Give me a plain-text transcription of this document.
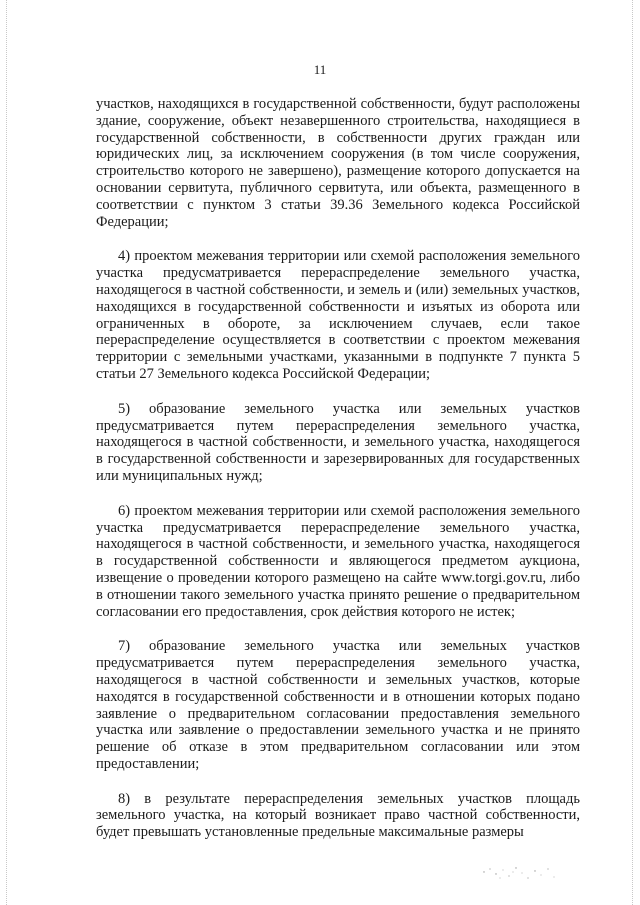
11

участков, находящихся в государственной собственности, будут расположены здание, сооружение, объект незавершенного строительства, находящиеся в государственной собственности, в собственности других граждан или юридических лиц, за исключением сооружения (в том числе сооружения, строительство которого не завершено), размещение которого допускается на основании сервитута, публичного сервитута, или объекта, размещенного в соответствии с пунктом 3 статьи 39.36 Земельного кодекса Российской Федерации;

4) проектом межевания территории или схемой расположения земельного участка предусматривается перераспределение земельного участка, находящегося в частной собственности, и земель и (или) земельных участков, находящихся в государственной собственности и изъятых из оборота или ограниченных в обороте, за исключением случаев, если такое перераспределение осуществляется в соответствии с проектом межевания территории с земельными участками, указанными в подпункте 7 пункта 5 статьи 27 Земельного кодекса Российской Федерации;

5) образование земельного участка или земельных участков предусматривается путем перераспределения земельного участка, находящегося в частной собственности, и земельного участка, находящегося в государственной собственности и зарезервированных для государственных или муниципальных нужд;

6) проектом межевания территории или схемой расположения земельного участка предусматривается перераспределение земельного участка, находящегося в частной собственности, и земельного участка, находящегося в государственной собственности и являющегося предметом аукциона, извещение о проведении которого размещено на сайте www.torgi.gov.ru, либо в отношении такого земельного участка принято решение о предварительном согласовании его предоставления, срок действия которого не истек;

7) образование земельного участка или земельных участков предусматривается путем перераспределения земельного участка, находящегося в частной собственности и земельных участков, которые находятся в государственной собственности и в отношении которых подано заявление о предварительном согласовании предоставления земельного участка или заявление о предоставлении земельного участка и не принято решение об отказе в этом предварительном согласовании или этом предоставлении;

8) в результате перераспределения земельных участков площадь земельного участка, на который возникает право частной собственности, будет превышать установленные предельные максимальные размеры
